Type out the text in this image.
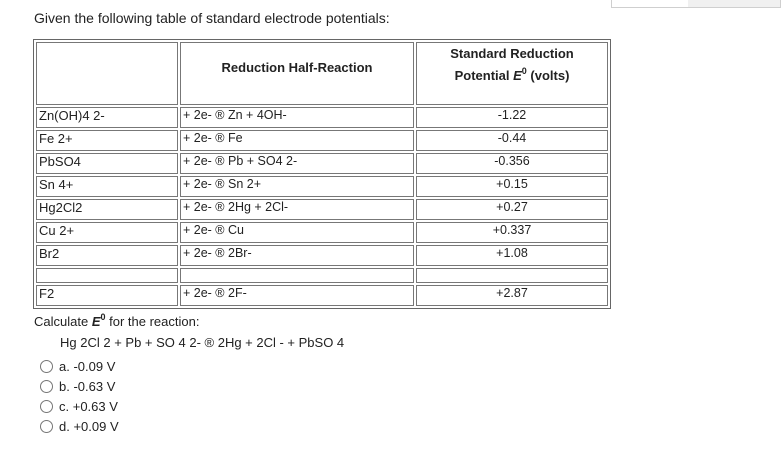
Given the following table of standard electrode potentials:
	Reduction Half-Reaction	Standard Reduction
Potential $E^0$ (volts)
Zn(OH)4 2-	+ 2e- ® Zn + 4OH-	-1.22
Fe 2+	+ 2e- ® Fe	-0.44
PbSO4	+ 2e- ® Pb + SO4 2-	-0.356
Sn 4+	+ 2e- ® Sn 2+	+0.15
Hg2Cl2	+ 2e- ® 2Hg + 2Cl-	+0.27
Cu 2+	+ 2e- ® Cu	+0.337
Br2	+ 2e- ® 2Br-	+1.08

F2	+ 2e- ® 2F-	+2.87
Calculate $E^0$ for the reaction:
Hg 2Cl 2 + Pb + SO 4 2- ® 2Hg + 2Cl - + PbSO 4
a. -0.09 V
b. -0.63 V
c. +0.63 V
d. +0.09 V
